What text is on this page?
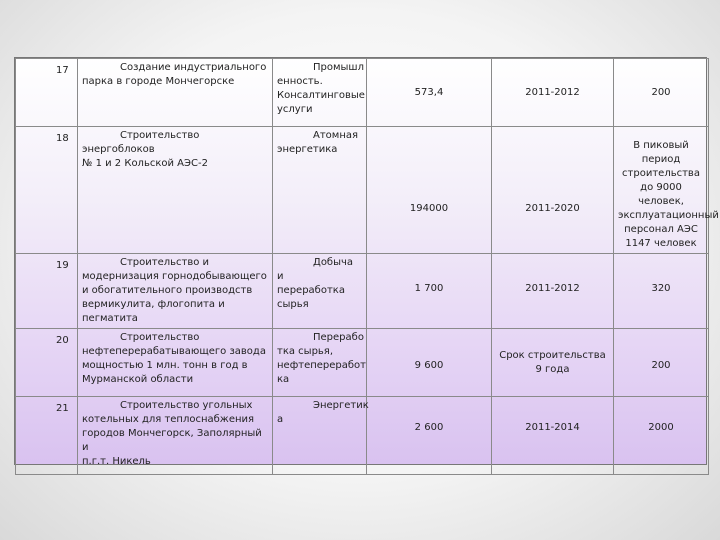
17	Создание индустриального
парка в городе Мончегорске	Промышл
енность.
Консалтинговые
услуги	573,4	2011-2012	200
18	Строительство энергоблоков
№ 1 и 2 Кольской АЭС-2	Атомная
энергетика	194000	2011-2020	В пиковый период строительства до 9000 человек, эксплуатационный персонал АЭС 1147 человек
19	Строительство и
модернизация горнодобывающего
и обогатительного производств
вермикулита, флогопита и
пегматита	Добыча и
переработка
сырья	1 700	2011-2012	320
20	Строительство
нефтеперерабатывающего завода
мощностью 1 млн. тонн в год в
Мурманской области	Перерабо
тка сырья,
нефтепереработ
ка	9 600	Срок строительства 9 года	200
21	Строительство угольных
котельных для теплоснабжения
городов Мончегорск, Заполярный и
п.г.т. Никель	Энергетик
а	2 600	2011-2014	2000
